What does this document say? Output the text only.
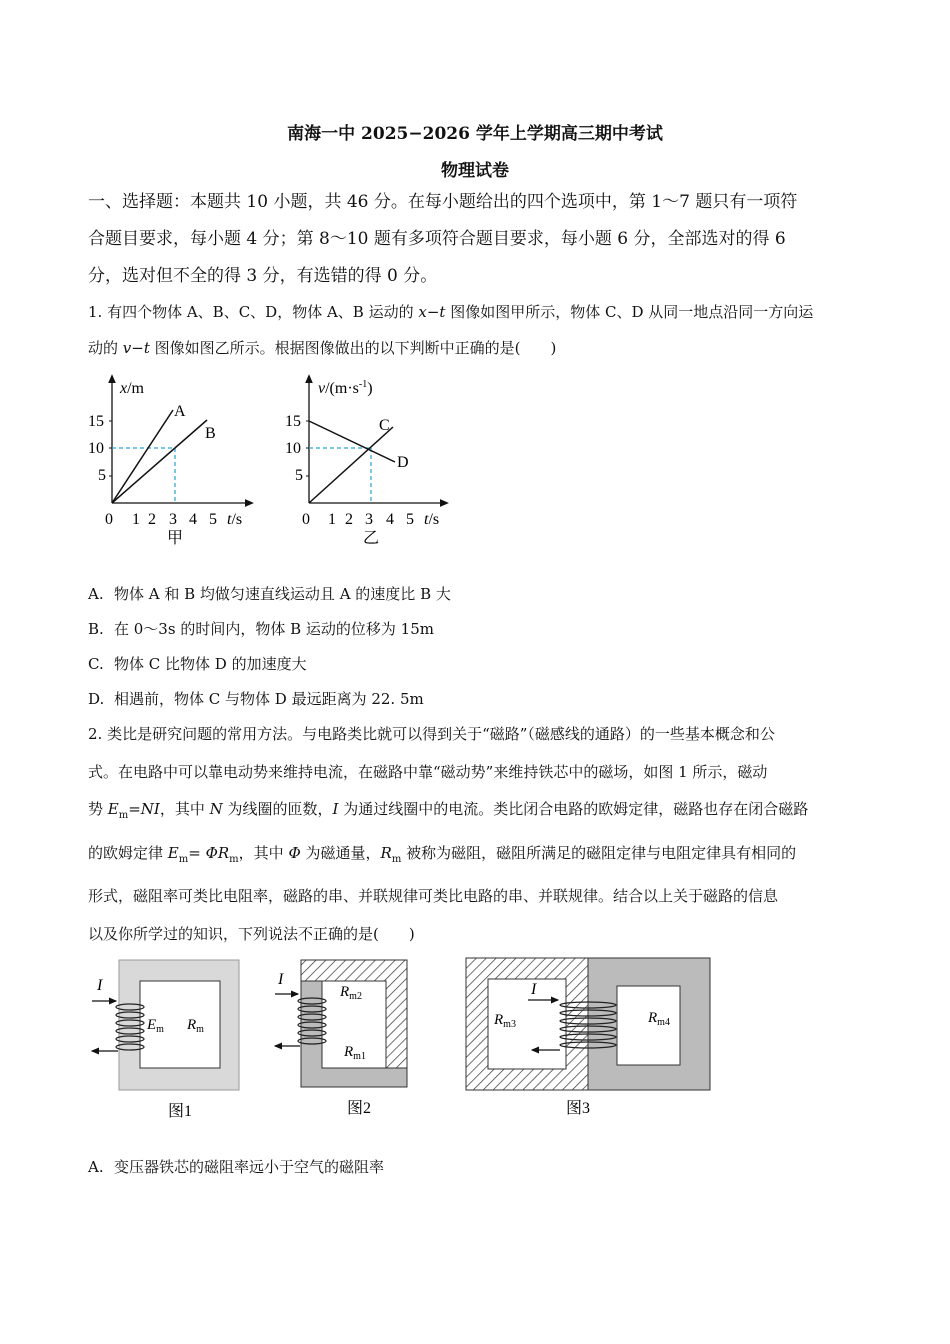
南海一中 2025−2026 学年上学期高三期中考试
物理试卷
一、选择题：本题共 10 小题，共 46 分。在每小题给出的四个选项中，第 1～7 题只有一项符
合题目要求，每小题 4 分；第 8～10 题有多项符合题目要求，每小题 6 分，全部选对的得 6
分，选对但不全的得 3 分，有选错的得 0 分。
1. 有四个物体 A、B、C、D，物体 A、B 运动的 x−t 图像如图甲所示，物体 C、D 从同一地点沿同一方向运
动的 v−t 图像如图乙所示。根据图像做出的以下判断中正确的是(　　)
x/m
15
10
5
0 1 2 3 4 5 t/s
A
B
甲
$v/(m\cdot s^{-1})$
15
10
5
0 1 2 3 4 5 t/s
C
D
乙
A. 物体 A 和 B 均做匀速直线运动且 A 的速度比 B 大
B. 在 0～3s 的时间内，物体 B 运动的位移为 15m
C. 物体 C 比物体 D 的加速度大
D. 相遇前，物体 C 与物体 D 最远距离为 22. 5m
2. 类比是研究问题的常用方法。与电路类比就可以得到关于“磁路”（磁感线的通路）的一些基本概念和公
式。在电路中可以靠电动势来维持电流，在磁路中靠“磁动势”来维持铁芯中的磁场，如图 1 所示，磁动
势 $E_m=NI$，其中 N 为线圈的匝数，I 为通过线圈中的电流。类比闭合电路的欧姆定律，磁路也存在闭合磁路
的欧姆定律 $E_m= \Phi R_m$，其中 Φ 为磁通量，$R_m$ 被称为磁阻，磁阻所满足的磁阻定律与电阻定律具有相同的
形式，磁阻率可类比电阻率，磁路的串、并联规律可类比电路的串、并联规律。结合以上关于磁路的信息
以及你所学过的知识，下列说法不正确的是(　　)
I
$E_m$ $R_m$
图1
I
$R_{m2}$
$R_{m1}$
图2
I
$R_{m3}$	$R_{m4}$
图3
A. 变压器铁芯的磁阻率远小于空气的磁阻率
